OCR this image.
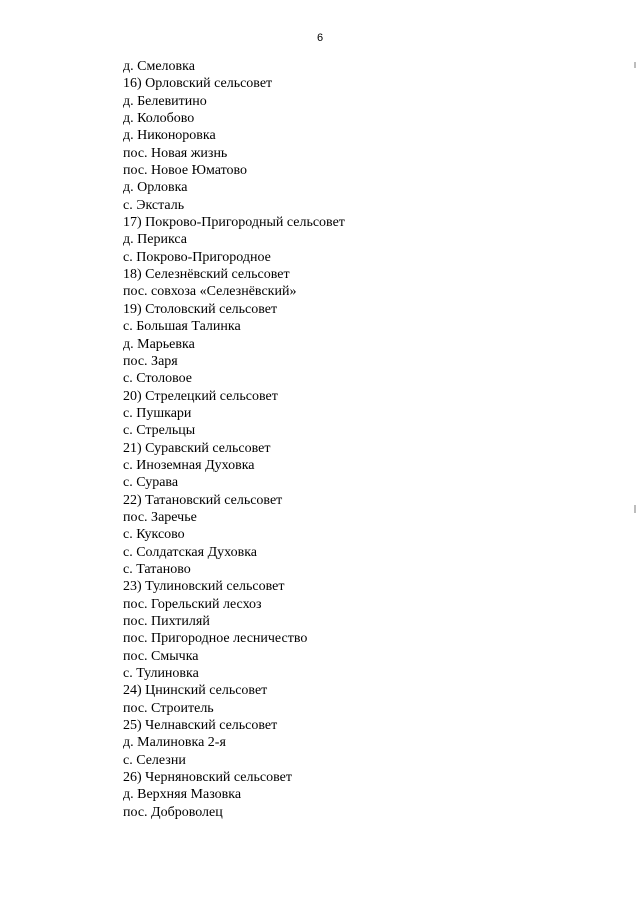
6
д. Смеловка
16) Орловский сельсовет
д. Белевитино
д. Колобово
д. Никоноровка
пос. Новая жизнь
пос. Новое Юматово
д. Орловка
с. Эксталь
17) Покрово-Пригородный сельсовет
д. Перикса
с. Покрово-Пригородное
18) Селезнёвский сельсовет
пос. совхоза «Селезнёвский»
19) Столовский сельсовет
с. Большая Талинка
д. Марьевка
пос. Заря
с. Столовое
20) Стрелецкий сельсовет
с. Пушкари
с. Стрельцы
21) Суравский сельсовет
с. Иноземная Духовка
с. Сурава
22) Татановский сельсовет
пос. Заречье
с. Куксово
с. Солдатская Духовка
с. Татаново
23) Тулиновский сельсовет
пос. Горельский лесхоз
пос. Пихтиляй
пос. Пригородное лесничество
пос. Смычка
с. Тулиновка
24) Цнинский сельсовет
пос. Строитель
25) Челнавский сельсовет
д. Малиновка 2-я
с. Селезни
26) Черняновский сельсовет
д. Верхняя Мазовка
пос. Доброволец
